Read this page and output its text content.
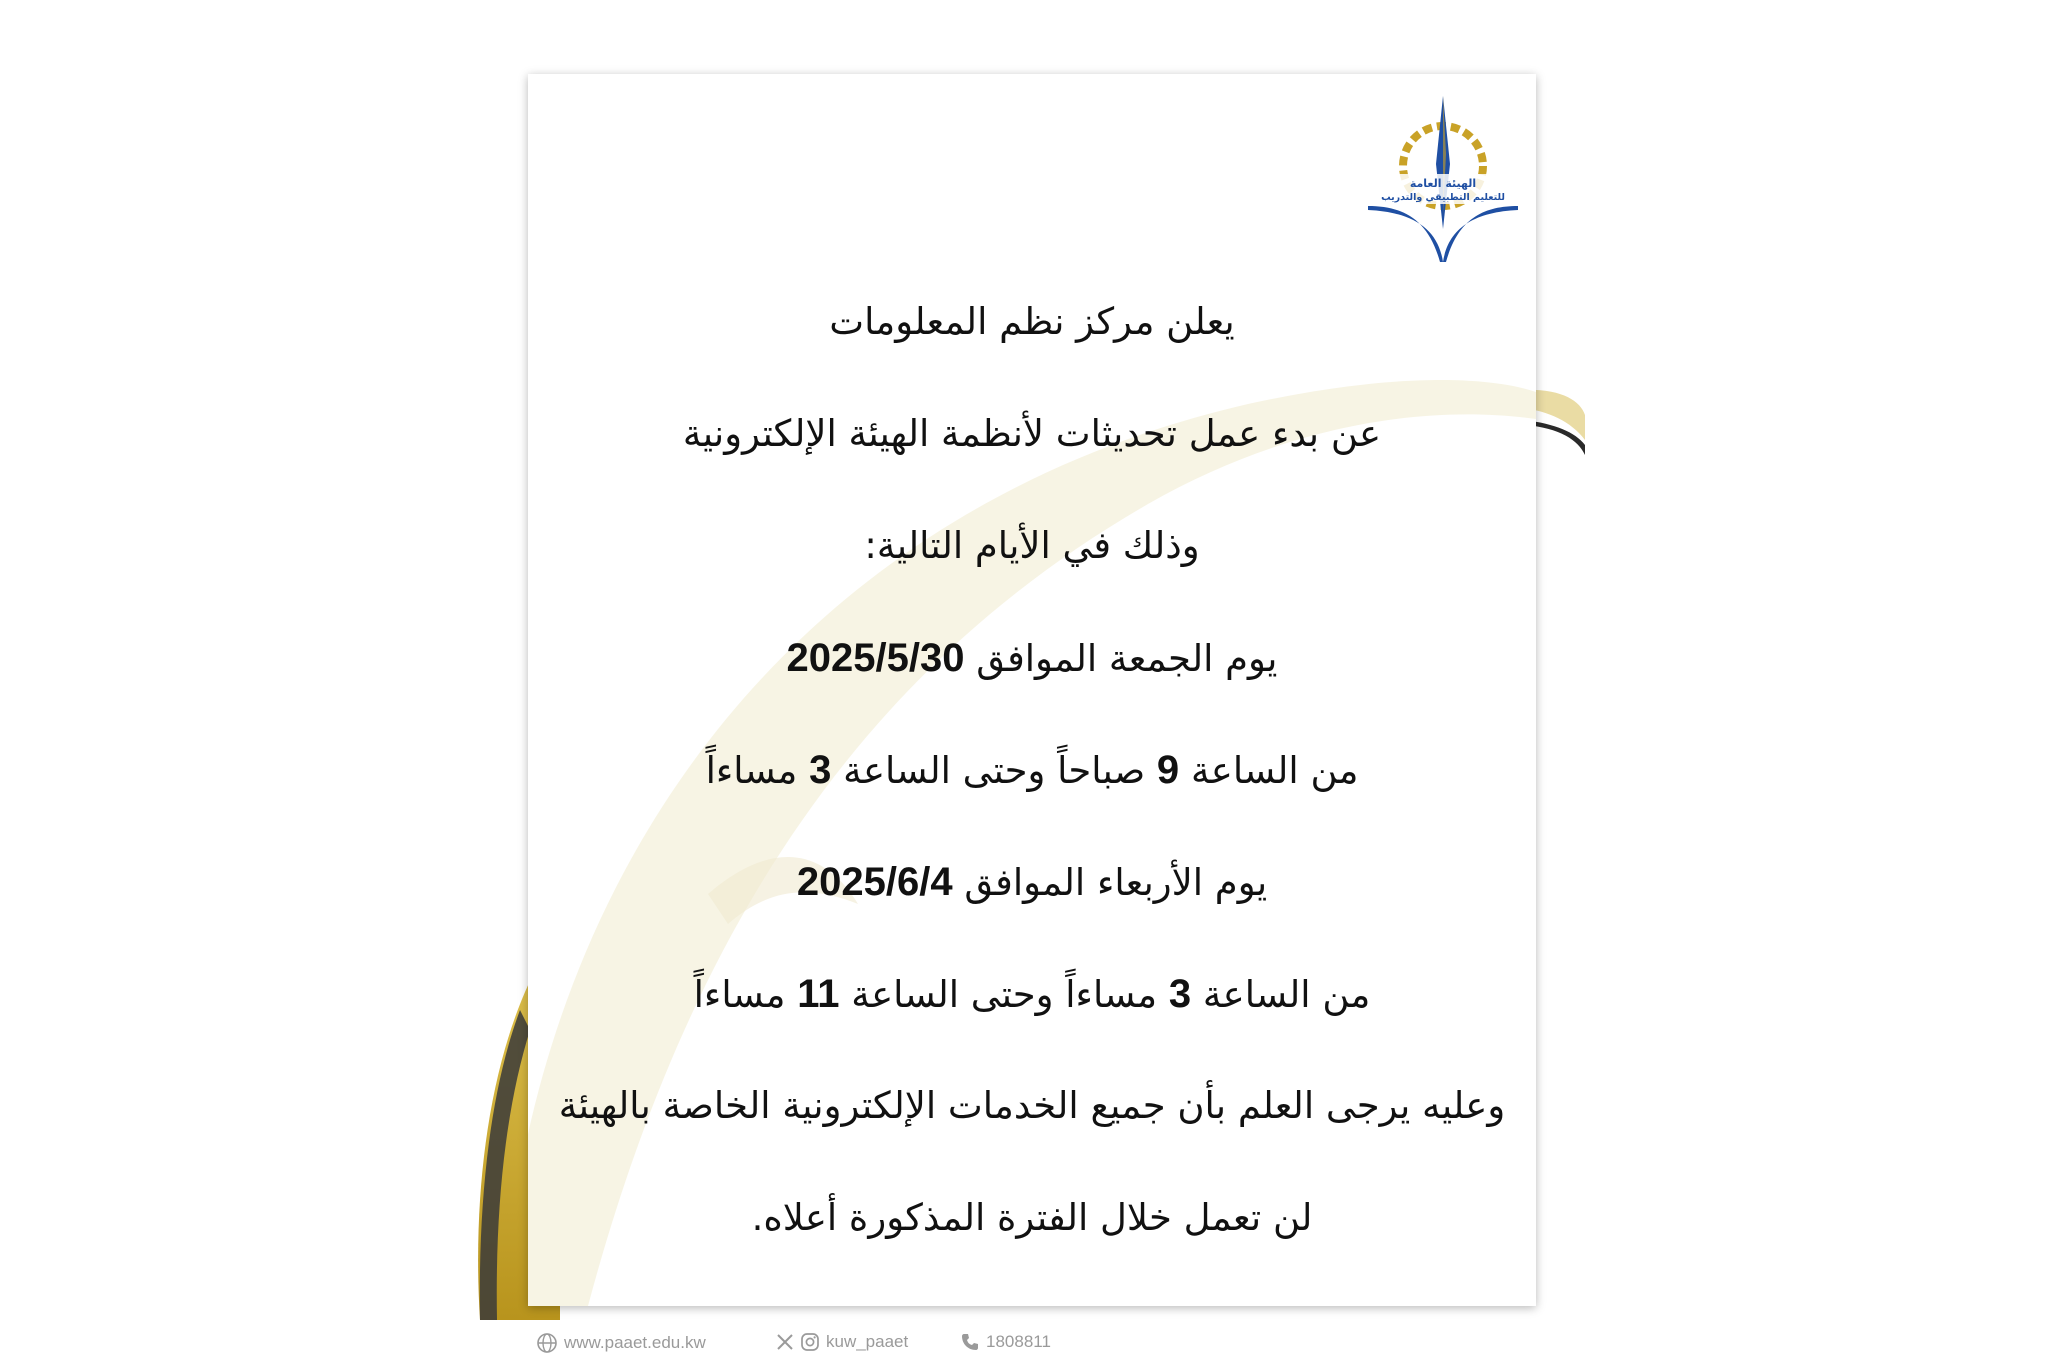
الهيئة العامة
للتعليم التطبيقي والتدريب
يعلن مركز نظم المعلومات
عن بدء عمل تحديثات لأنظمة الهيئة الإلكترونية
وذلك في الأيام التالية:
يوم الجمعة الموافق 2025/5/30
من الساعة 9 صباحاً وحتى الساعة 3 مساءاً
يوم الأربعاء الموافق 2025/6/4
من الساعة 3 مساءاً وحتى الساعة 11 مساءاً
وعليه يرجى العلم بأن جميع الخدمات الإلكترونية الخاصة بالهيئة
لن تعمل خلال الفترة المذكورة أعلاه.
www.paaet.edu.kw	kuw_paaet	1808811
